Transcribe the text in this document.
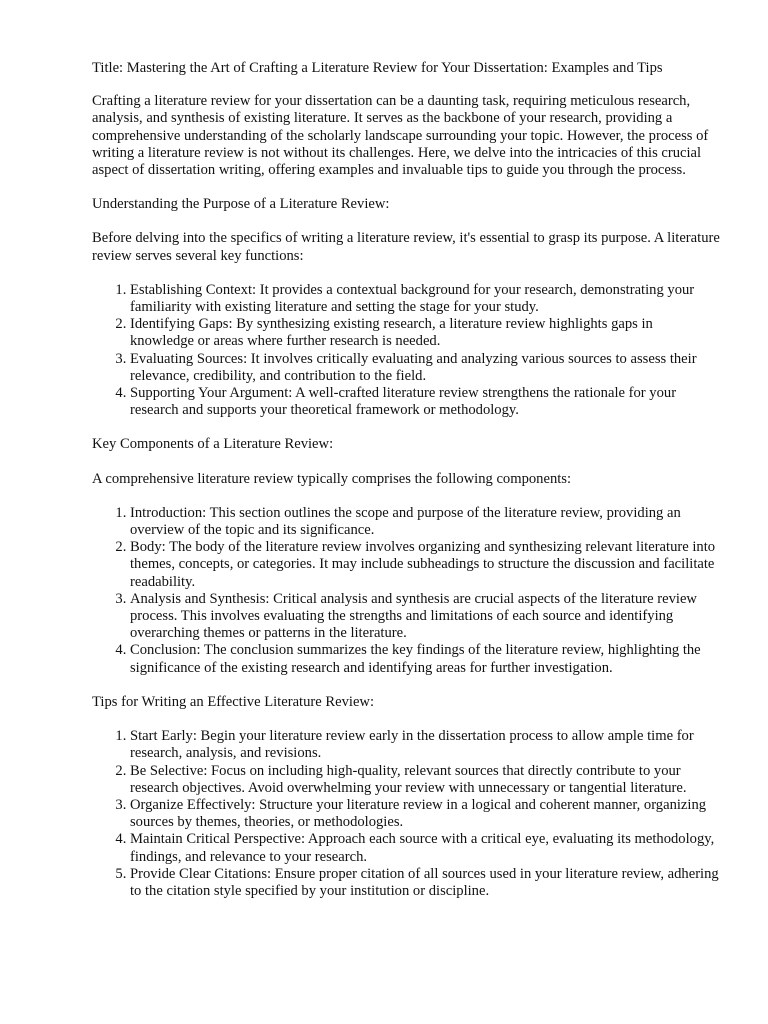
Title: Mastering the Art of Crafting a Literature Review for Your Dissertation: Examples and Tips

Crafting a literature review for your dissertation can be a daunting task, requiring meticulous research, analysis, and synthesis of existing literature. It serves as the backbone of your research, providing a comprehensive understanding of the scholarly landscape surrounding your topic. However, the process of writing a literature review is not without its challenges. Here, we delve into the intricacies of this crucial aspect of dissertation writing, offering examples and invaluable tips to guide you through the process.

Understanding the Purpose of a Literature Review:

Before delving into the specifics of writing a literature review, it's essential to grasp its purpose. A literature review serves several key functions:

1. Establishing Context: It provides a contextual background for your research, demonstrating your familiarity with existing literature and setting the stage for your study.
2. Identifying Gaps: By synthesizing existing research, a literature review highlights gaps in knowledge or areas where further research is needed.
3. Evaluating Sources: It involves critically evaluating and analyzing various sources to assess their relevance, credibility, and contribution to the field.
4. Supporting Your Argument: A well-crafted literature review strengthens the rationale for your research and supports your theoretical framework or methodology.

Key Components of a Literature Review:

A comprehensive literature review typically comprises the following components:

1. Introduction: This section outlines the scope and purpose of the literature review, providing an overview of the topic and its significance.
2. Body: The body of the literature review involves organizing and synthesizing relevant literature into themes, concepts, or categories. It may include subheadings to structure the discussion and facilitate readability.
3. Analysis and Synthesis: Critical analysis and synthesis are crucial aspects of the literature review process. This involves evaluating the strengths and limitations of each source and identifying overarching themes or patterns in the literature.
4. Conclusion: The conclusion summarizes the key findings of the literature review, highlighting the significance of the existing research and identifying areas for further investigation.

Tips for Writing an Effective Literature Review:

1. Start Early: Begin your literature review early in the dissertation process to allow ample time for research, analysis, and revisions.
2. Be Selective: Focus on including high-quality, relevant sources that directly contribute to your research objectives. Avoid overwhelming your review with unnecessary or tangential literature.
3. Organize Effectively: Structure your literature review in a logical and coherent manner, organizing sources by themes, theories, or methodologies.
4. Maintain Critical Perspective: Approach each source with a critical eye, evaluating its methodology, findings, and relevance to your research.
5. Provide Clear Citations: Ensure proper citation of all sources used in your literature review, adhering to the citation style specified by your institution or discipline.
